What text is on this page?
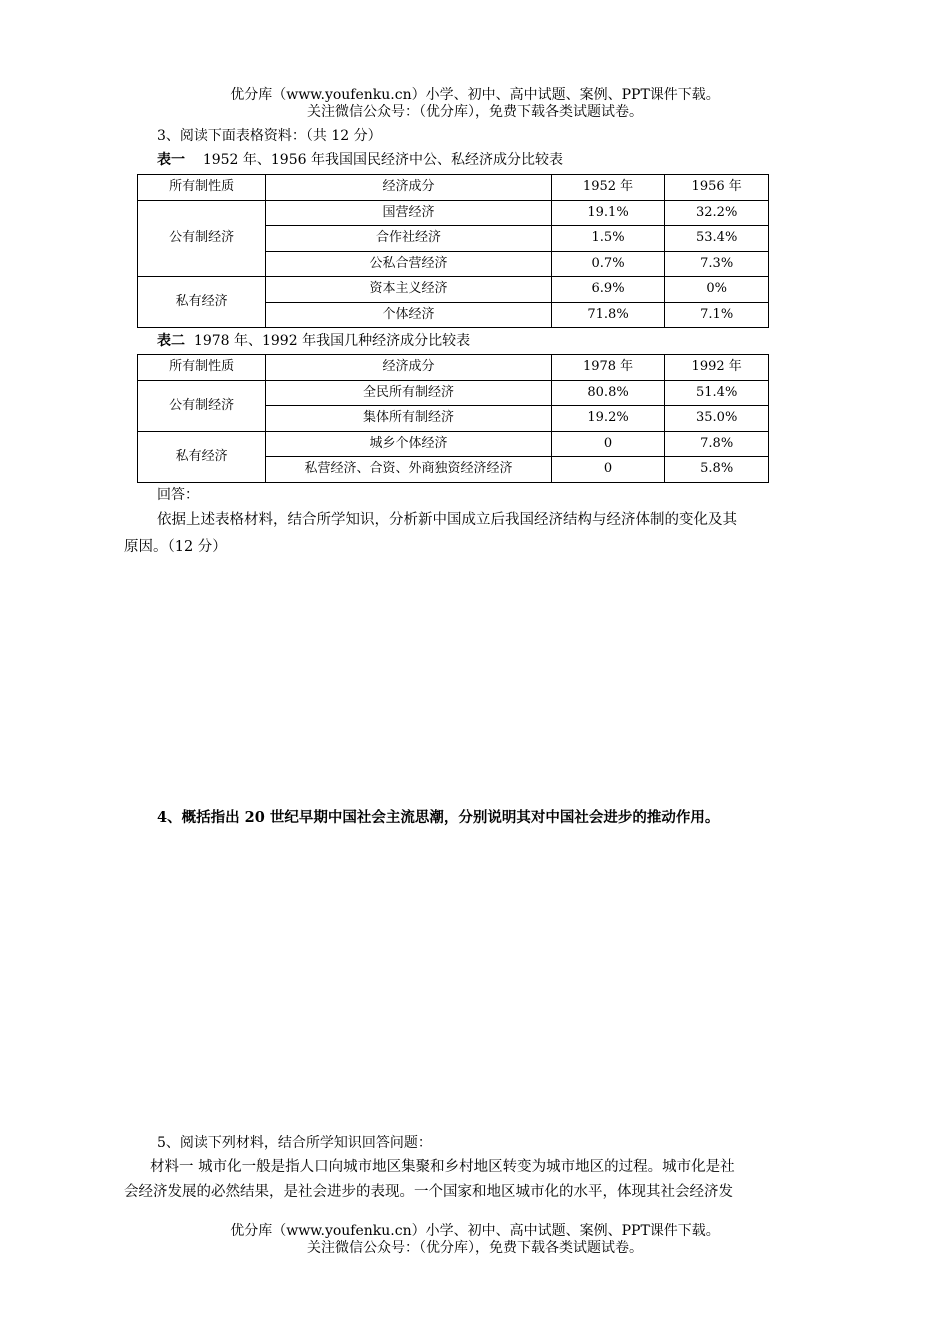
优分库（www.youfenku.cn）小学、初中、高中试题、案例、PPT课件下载。
关注微信公众号：（优分库），免费下载各类试题试卷。
3、阅读下面表格资料：（共 12 分）
表一 1952 年、1956 年我国国民经济中公、私经济成分比较表
所有制性质	经济成分	1952 年	1956 年
公有制经济	国营经济	19.1%	32.2%
	合作社经济	1.5%	53.4%
	公私合营经济	0.7%	7.3%
私有经济	资本主义经济	6.9%	0%
	个体经济	71.8%	7.1%
表二 1978 年、1992 年我国几种经济成分比较表
所有制性质	经济成分	1978 年	1992 年
公有制经济	全民所有制经济	80.8%	51.4%
	集体所有制经济	19.2%	35.0%
私有经济	城乡个体经济	0	7.8%
	私营经济、合资、外商独资经济经济	0	5.8%
回答：
依据上述表格材料，结合所学知识，分析新中国成立后我国经济结构与经济体制的变化及其
原因。（12 分）
4、概括指出 20 世纪早期中国社会主流思潮，分别说明其对中国社会进步的推动作用。
5、阅读下列材料，结合所学知识回答问题：
材料一 城市化一般是指人口向城市地区集聚和乡村地区转变为城市地区的过程。城市化是社
会经济发展的必然结果，是社会进步的表现。一个国家和地区城市化的水平，体现其社会经济发
优分库（www.youfenku.cn）小学、初中、高中试题、案例、PPT课件下载。
关注微信公众号：（优分库），免费下载各类试题试卷。
